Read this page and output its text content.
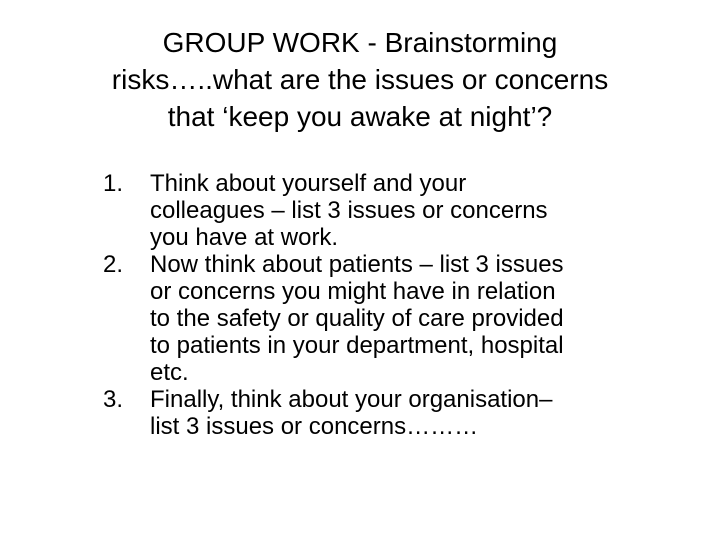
GROUP WORK - Brainstorming
risks…..what are the issues or concerns
that ‘keep you awake at night’?
1. Think about yourself and your
colleagues – list 3 issues or concerns
you have at work.
2. Now think about patients – list 3 issues
or concerns you might have in relation
to the safety or quality of care provided
to patients in your department, hospital
etc.
3. Finally, think about your organisation–
list 3 issues or concerns………
